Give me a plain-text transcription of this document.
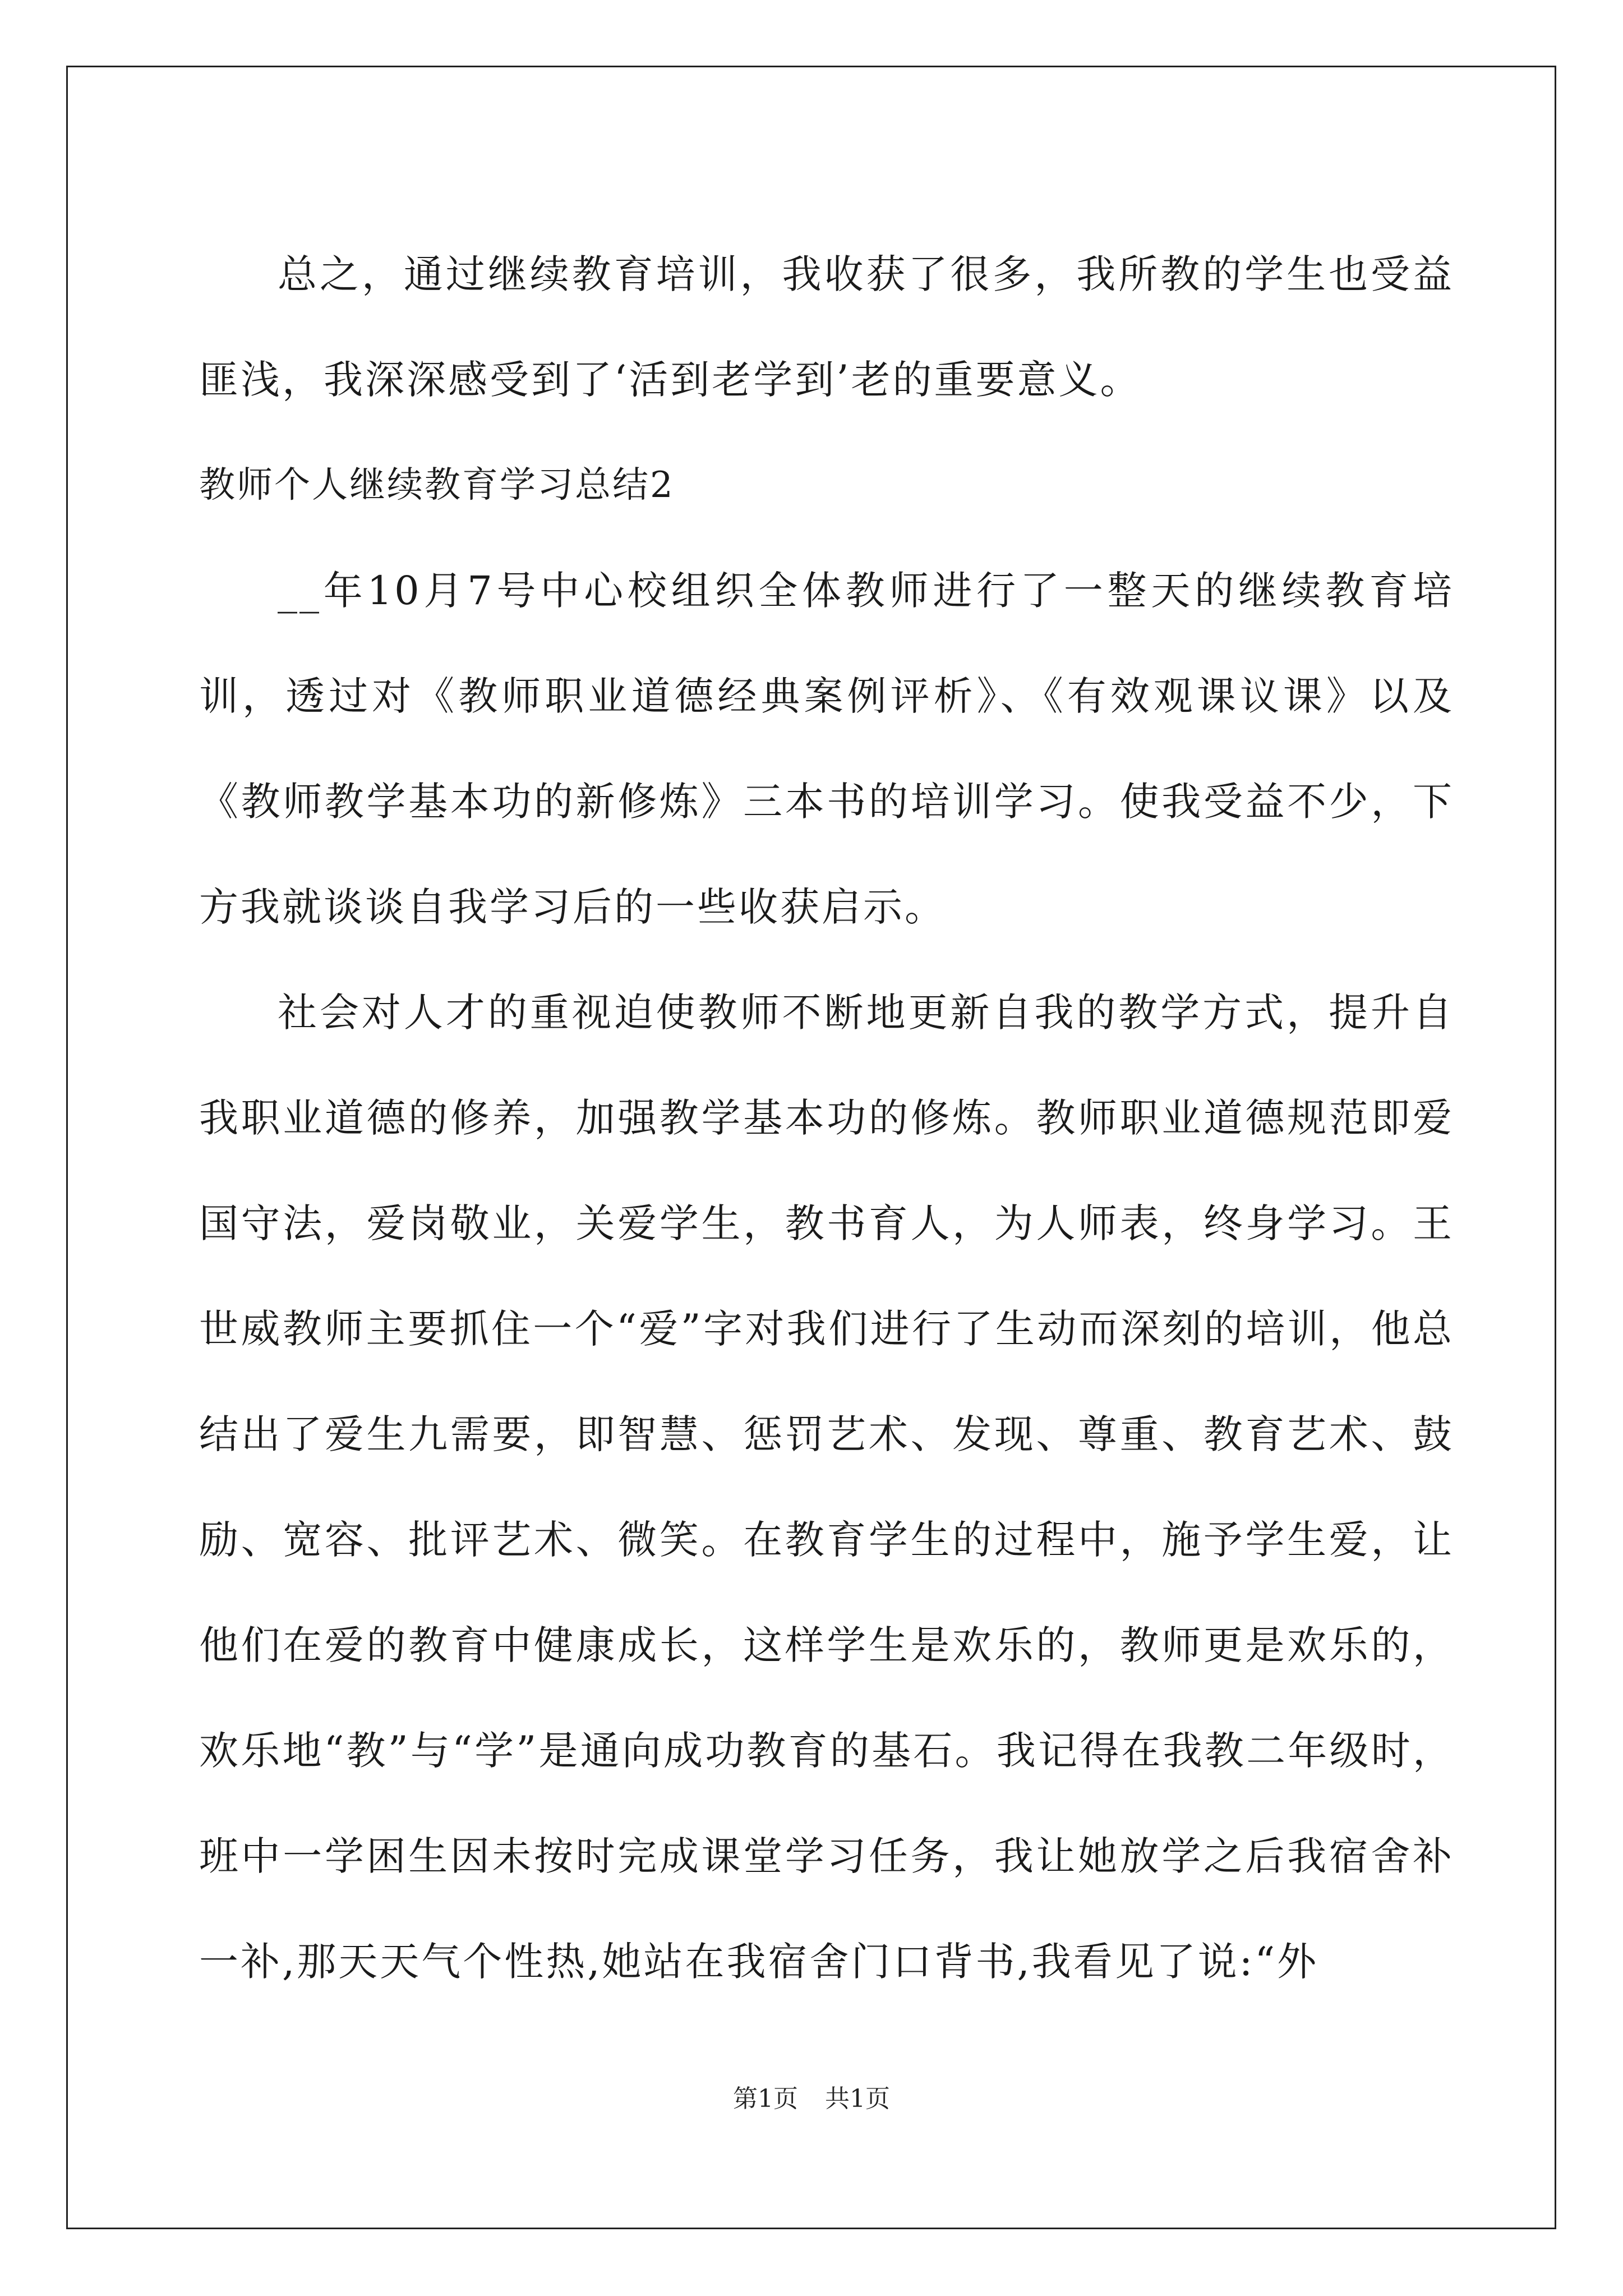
总之，通过继续教育培训，我收获了很多，我所教的学生也受益匪浅，我深深感受到了‘活到老学到’老的重要意义。

教师个人继续教育学习总结2

__年10月7号中心校组织全体教师进行了一整天的继续教育培训，透过对《教师职业道德经典案例评析》、《有效观课议课》以及《教师教学基本功的新修炼》三本书的培训学习。使我受益不少，下方我就谈谈自我学习后的一些收获启示。

社会对人才的重视迫使教师不断地更新自我的教学方式，提升自我职业道德的修养，加强教学基本功的修炼。教师职业道德规范即爱国守法，爱岗敬业，关爱学生，教书育人，为人师表，终身学习。王世威教师主要抓住一个“爱”字对我们进行了生动而深刻的培训，他总结出了爱生九需要，即智慧、惩罚艺术、发现、尊重、教育艺术、鼓励、宽容、批评艺术、微笑。在教育学生的过程中，施予学生爱，让他们在爱的教育中健康成长，这样学生是欢乐的，教师更是欢乐的，欢乐地“教”与“学”是通向成功教育的基石。我记得在我教二年级时，班中一学困生因未按时完成课堂学习任务，我让她放学之后我宿舍补一补,那天天气个性热,她站在我宿舍门口背书,我看见了说:“外

第1页 共1页
